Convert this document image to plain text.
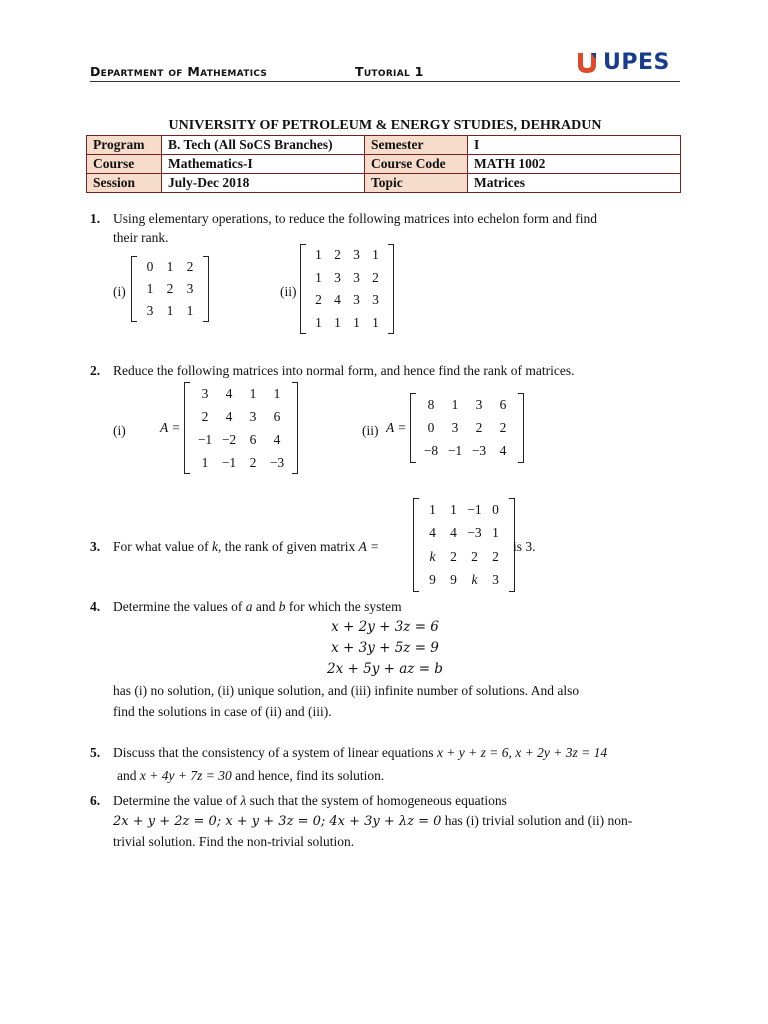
Department of Mathematics	Tutorial 1	UPES
UNIVERSITY OF PETROLEUM & ENERGY STUDIES, DEHRADUN
Program	B. Tech (All SoCS Branches)	Semester	I
Course	Mathematics-I	Course Code	MATH 1002
Session	July-Dec 2018	Topic	Matrices
1. Using elementary operations, to reduce the following matrices into echelon form and find
their rank.
(i)
0 1 2
1 2 3
3 1 1
(ii)
1 2 3 1
1 3 3 2
2 4 3 3
1 1 1 1
2. Reduce the following matrices into normal form, and hence find the rank of matrices.
(i)	A =
3	4	1	1
2	4	3	6
−1 −2 6	4
1 −1 2 −3
(ii) A =
8	1	3	6
0	3	2	2
−8 −1 −3 4
3. For what value of k, the rank of given matrix A =
1	1 −1 0
4	4 −3 1
k	2	2	2
9	9	k	3
is 3.
4. Determine the values of a and b for which the system
x + 2y + 3z = 6
x + 3y + 5z = 9
2x + 5y + az = b
has (i) no solution, (ii) unique solution, and (iii) infinite number of solutions. And also
find the solutions in case of (ii) and (iii).
5. Discuss that the consistency of a system of linear equations x + y + z = 6, x + 2y + 3z = 14
and x + 4y + 7z = 30 and hence, find its solution.
6. Determine the value of λ such that the system of homogeneous equations
2x + y + 2z = 0; x + y + 3z = 0; 4x + 3y + λz = 0 has (i) trivial solution and (ii) non-
trivial solution. Find the non-trivial solution.
